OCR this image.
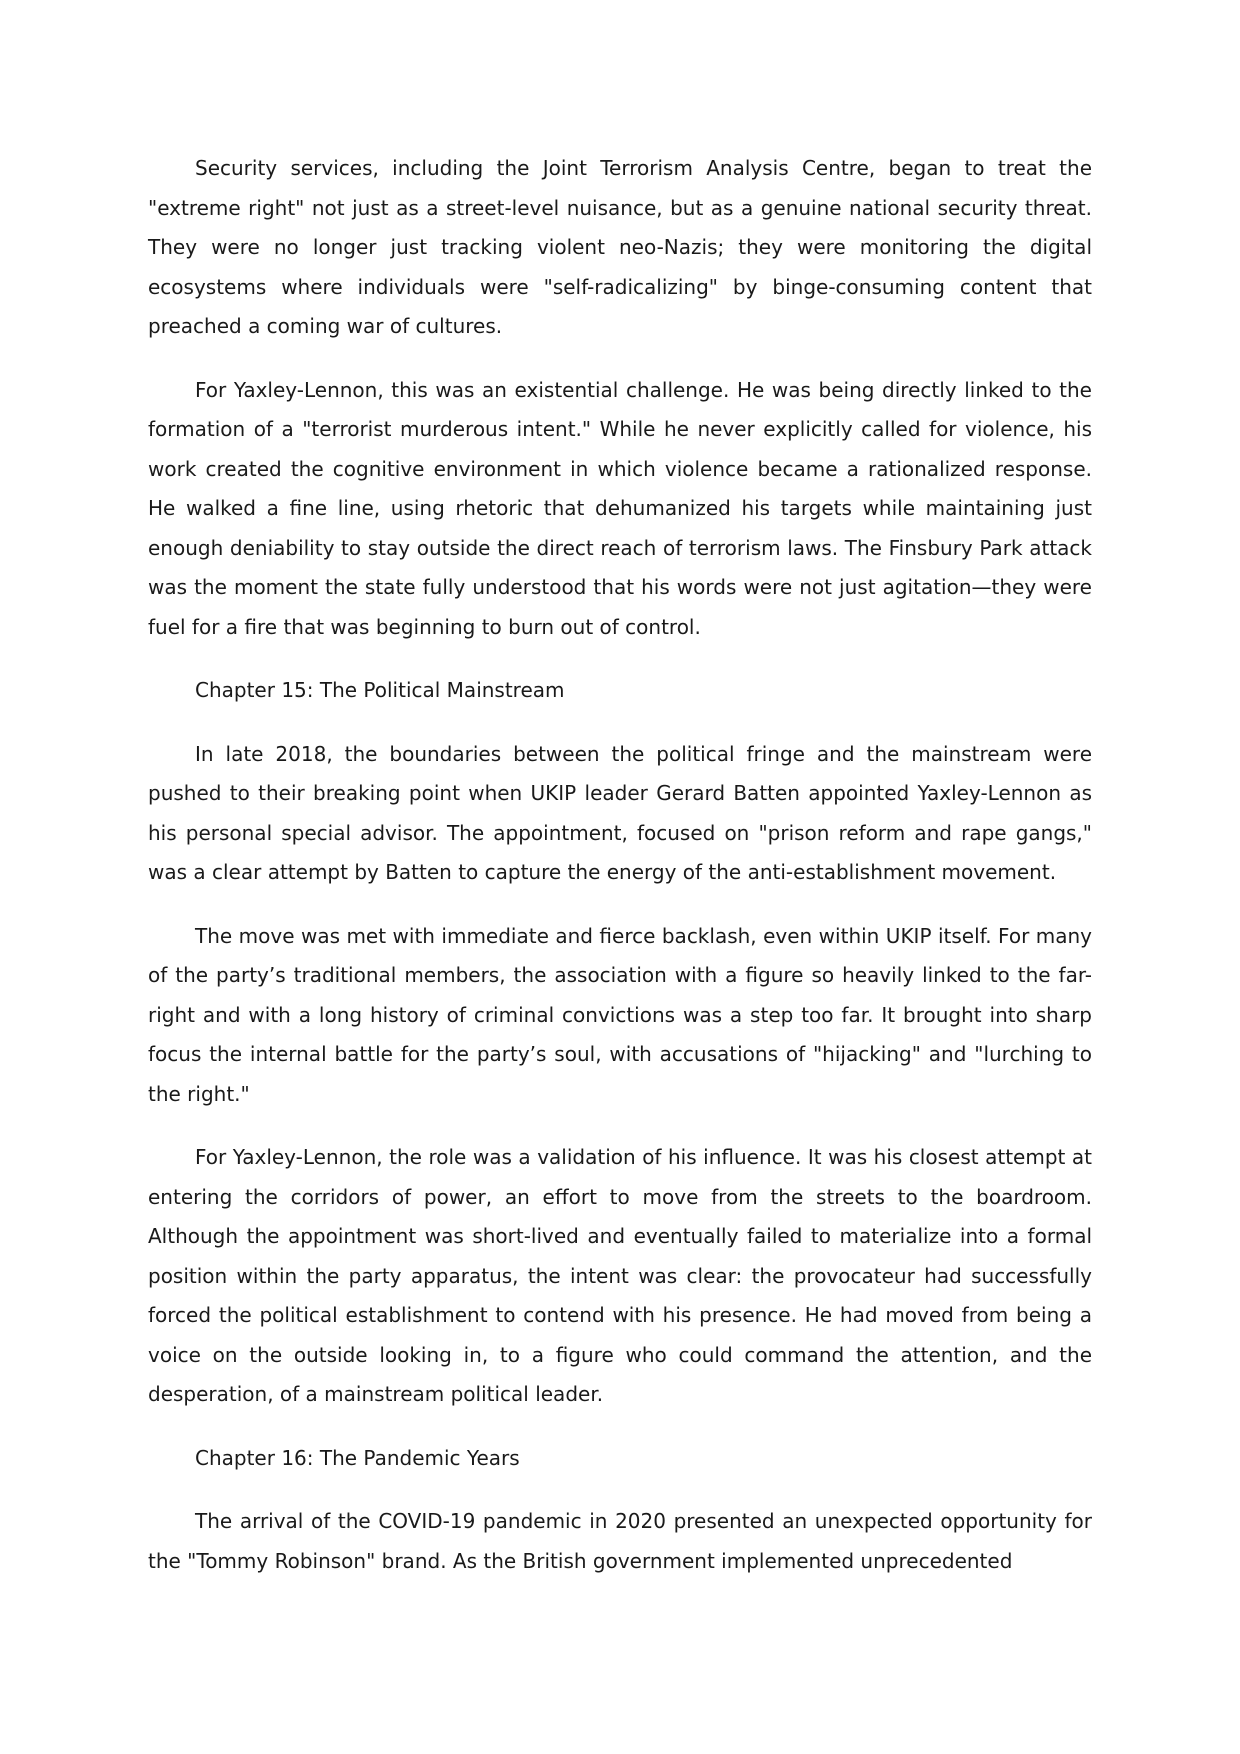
Security services, including the Joint Terrorism Analysis Centre, began to treat the "extreme right" not just as a street-level nuisance, but as a genuine national security threat. They were no longer just tracking violent neo-Nazis; they were monitoring the digital ecosystems where individuals were "self-radicalizing" by binge-consuming content that preached a coming war of cultures.

For Yaxley-Lennon, this was an existential challenge. He was being directly linked to the formation of a "terrorist murderous intent." While he never explicitly called for violence, his work created the cognitive environment in which violence became a rationalized response. He walked a fine line, using rhetoric that dehumanized his targets while maintaining just enough deniability to stay outside the direct reach of terrorism laws. The Finsbury Park attack was the moment the state fully understood that his words were not just agitation—they were fuel for a fire that was beginning to burn out of control.

Chapter 15: The Political Mainstream

In late 2018, the boundaries between the political fringe and the mainstream were pushed to their breaking point when UKIP leader Gerard Batten appointed Yaxley-Lennon as his personal special advisor. The appointment, focused on "prison reform and rape gangs," was a clear attempt by Batten to capture the energy of the anti-establishment movement.

The move was met with immediate and fierce backlash, even within UKIP itself. For many of the party’s traditional members, the association with a figure so heavily linked to the far-right and with a long history of criminal convictions was a step too far. It brought into sharp focus the internal battle for the party’s soul, with accusations of "hijacking" and "lurching to the right."

For Yaxley-Lennon, the role was a validation of his influence. It was his closest attempt at entering the corridors of power, an effort to move from the streets to the boardroom. Although the appointment was short-lived and eventually failed to materialize into a formal position within the party apparatus, the intent was clear: the provocateur had successfully forced the political establishment to contend with his presence. He had moved from being a voice on the outside looking in, to a figure who could command the attention, and the desperation, of a mainstream political leader.

Chapter 16: The Pandemic Years

The arrival of the COVID-19 pandemic in 2020 presented an unexpected opportunity for the "Tommy Robinson" brand. As the British government implemented unprecedented
